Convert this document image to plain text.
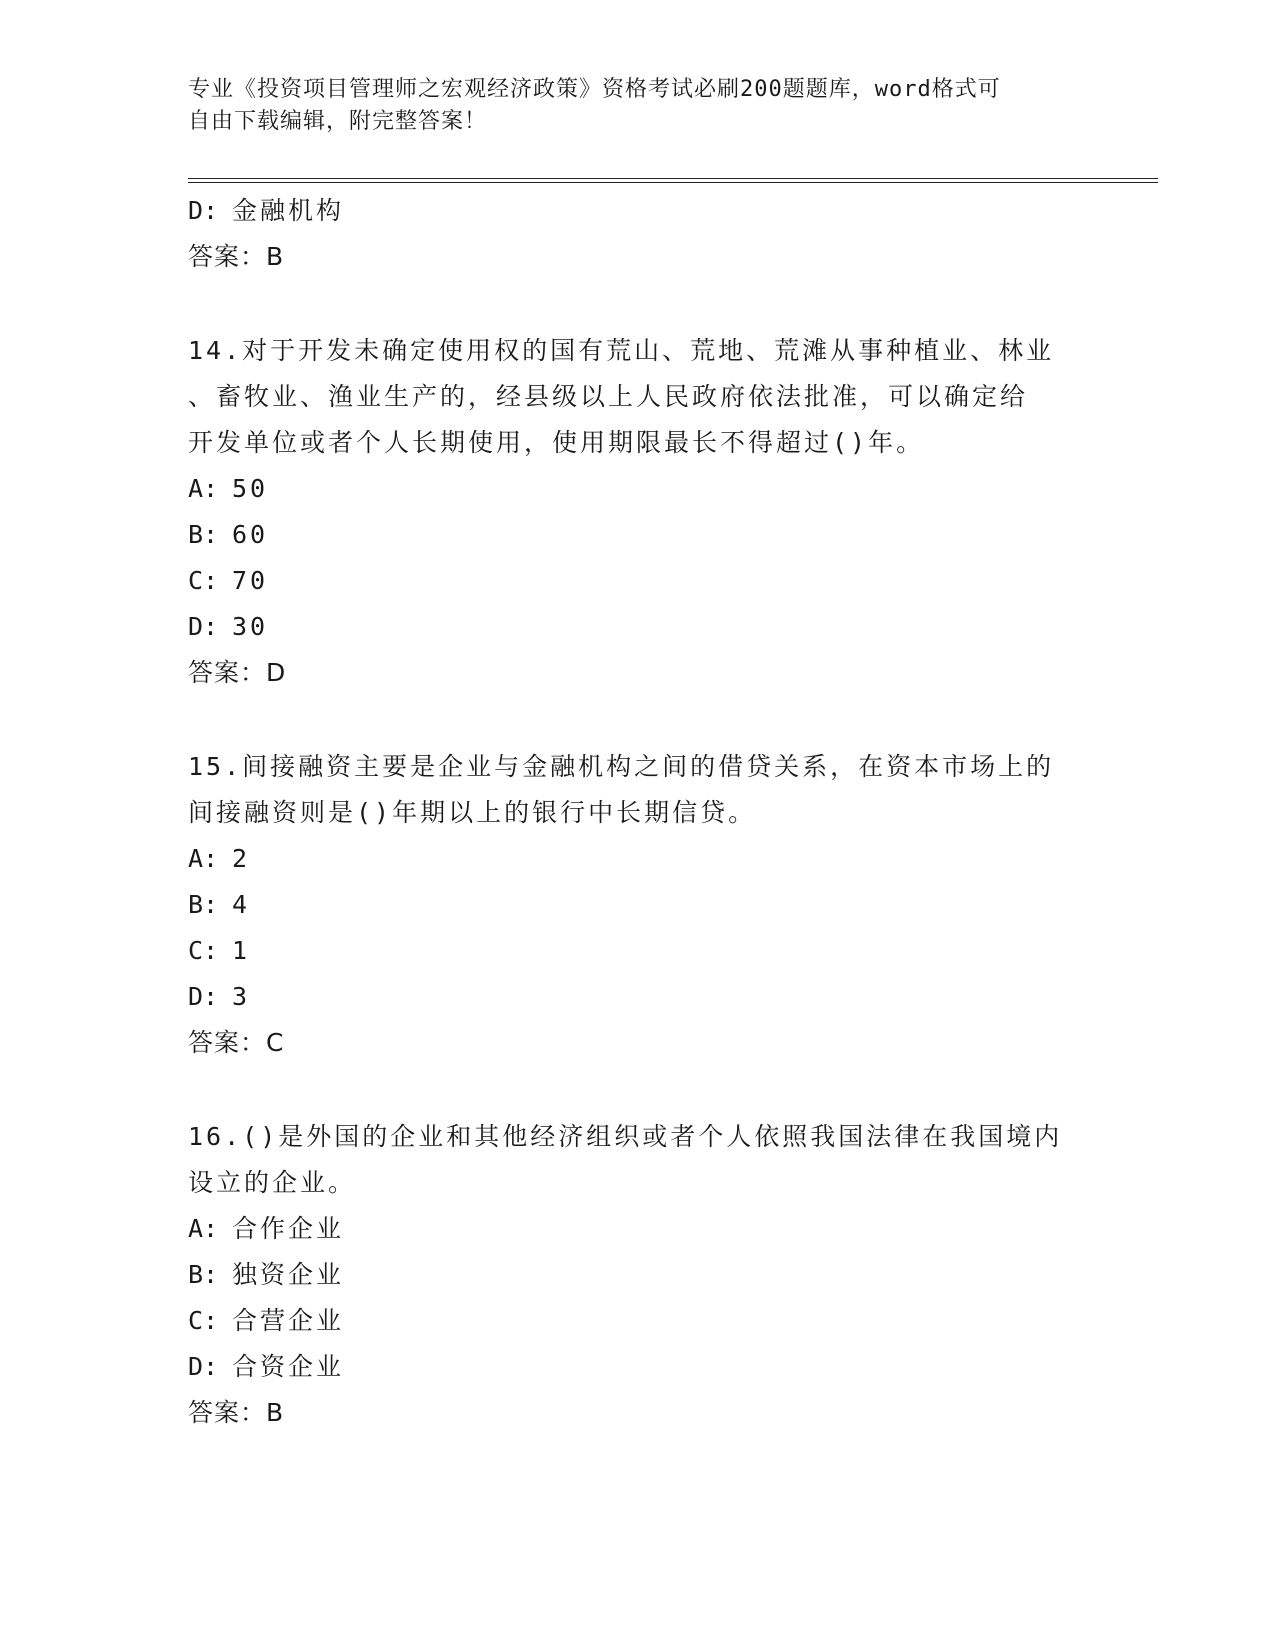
专业《投资项目管理师之宏观经济政策》资格考试必刷200题题库，word格式可
自由下载编辑，附完整答案！
D: 金融机构
答案：B
14.对于开发未确定使用权的国有荒山、荒地、荒滩从事种植业、林业
、畜牧业、渔业生产的，经县级以上人民政府依法批准，可以确定给
开发单位或者个人长期使用，使用期限最长不得超过()年。
A: 50
B: 60
C: 70
D: 30
答案：D
15.间接融资主要是企业与金融机构之间的借贷关系，在资本市场上的
间接融资则是()年期以上的银行中长期信贷。
A: 2
B: 4
C: 1
D: 3
答案：C
16.()是外国的企业和其他经济组织或者个人依照我国法律在我国境内
设立的企业。
A: 合作企业
B: 独资企业
C: 合营企业
D: 合资企业
答案：B
